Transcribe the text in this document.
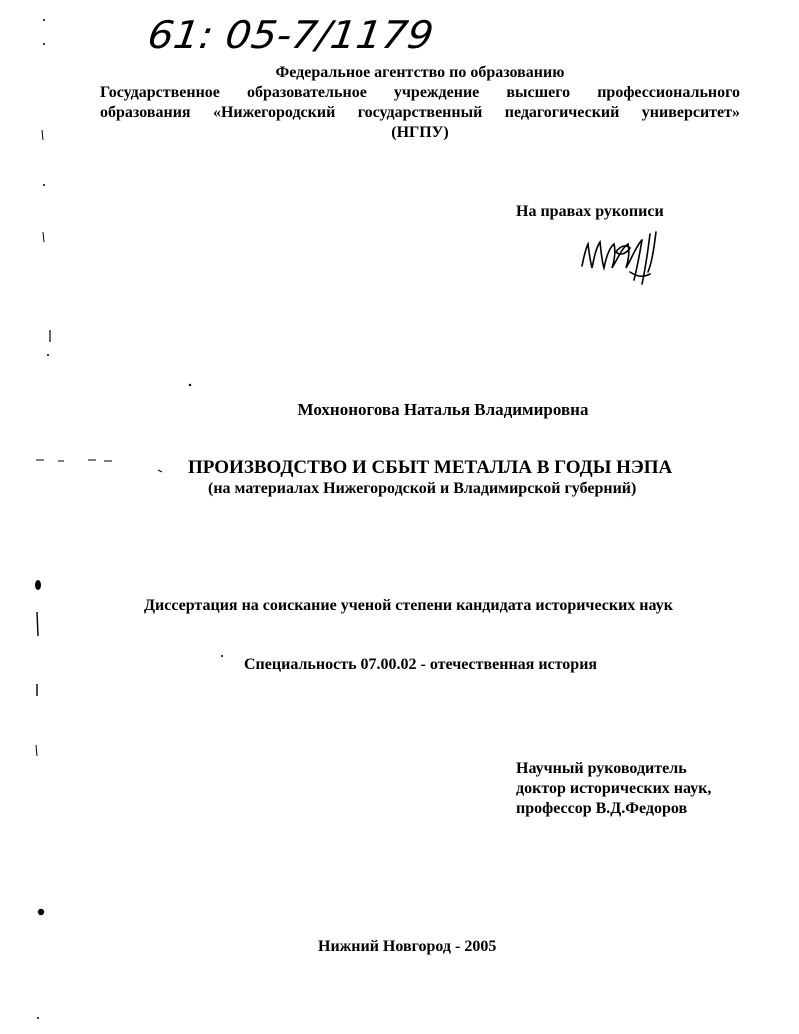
61: 05-7/1179
Федеральное агентство по образованию
Государственное образовательное учреждение высшего профессионального
образования «Нижегородский государственный педагогический университет»
(НГПУ)
На правах рукописи
Мохноногова Наталья Владимировна
ПРОИЗВОДСТВО И СБЫТ МЕТАЛЛА В ГОДЫ НЭПА
(на материалах Нижегородской и Владимирской губерний)
Диссертация на соискание ученой степени кандидата исторических наук
Специальность 07.00.02 - отечественная история
Научный руководитель
доктор исторических наук,
профессор В.Д.Федоров
Нижний Новгород - 2005
